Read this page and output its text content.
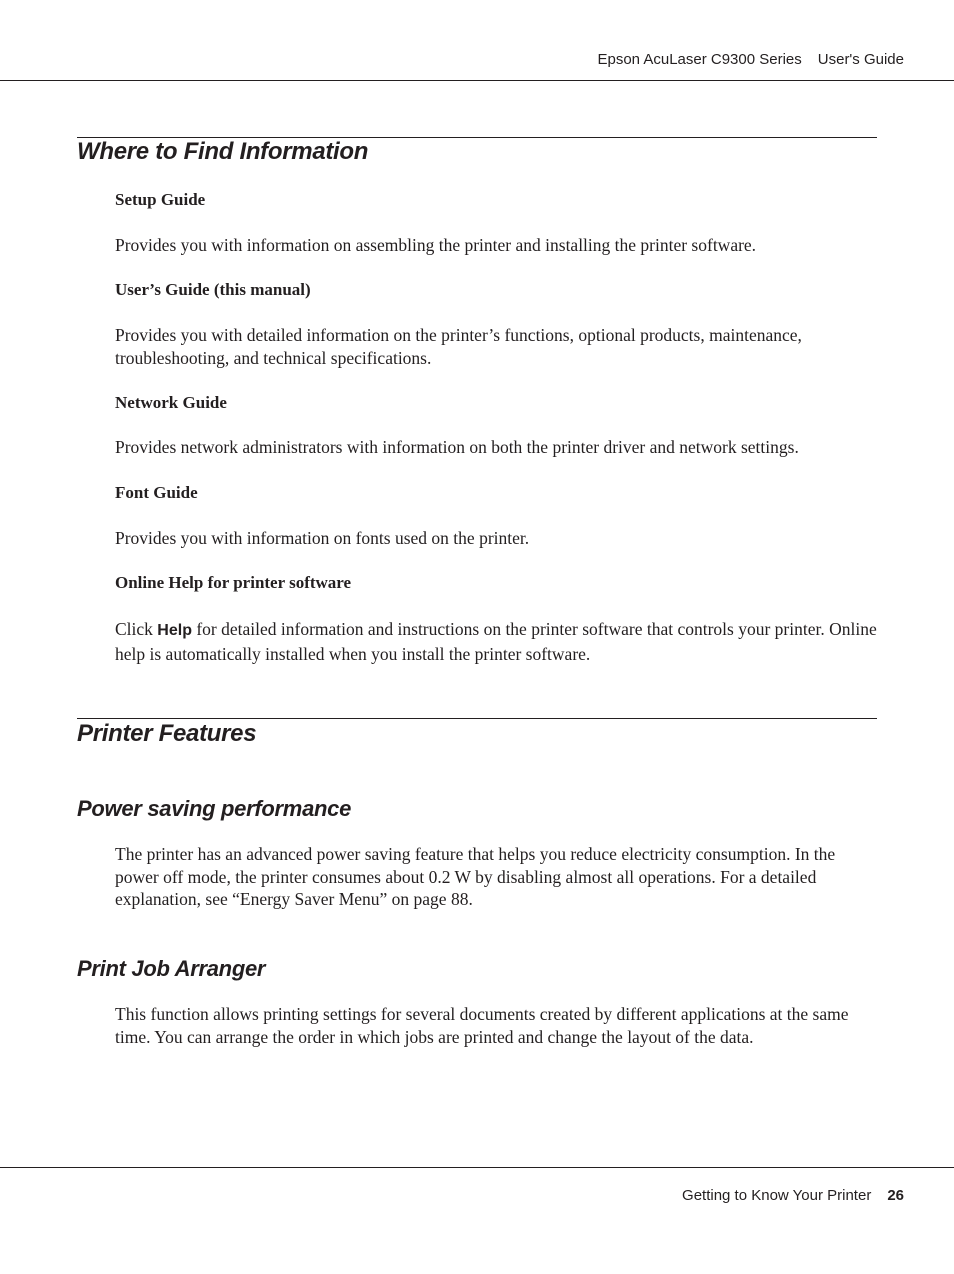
Epson AcuLaser C9300 Series User's Guide
Where to Find Information
Setup Guide

Provides you with information on assembling the printer and installing the printer software.

User’s Guide (this manual)

Provides you with detailed information on the printer’s functions, optional products, maintenance, troubleshooting, and technical specifications.

Network Guide

Provides network administrators with information on both the printer driver and network settings.

Font Guide

Provides you with information on fonts used on the printer.

Online Help for printer software

Click Help for detailed information and instructions on the printer software that controls your printer. Online help is automatically installed when you install the printer software.

Printer Features
Power saving performance

The printer has an advanced power saving feature that helps you reduce electricity consumption. In the power off mode, the printer consumes about 0.2 W by disabling almost all operations. For a detailed explanation, see “Energy Saver Menu” on page 88.

Print Job Arranger

This function allows printing settings for several documents created by different applications at the same time. You can arrange the order in which jobs are printed and change the layout of the data.

Getting to Know Your Printer 26
